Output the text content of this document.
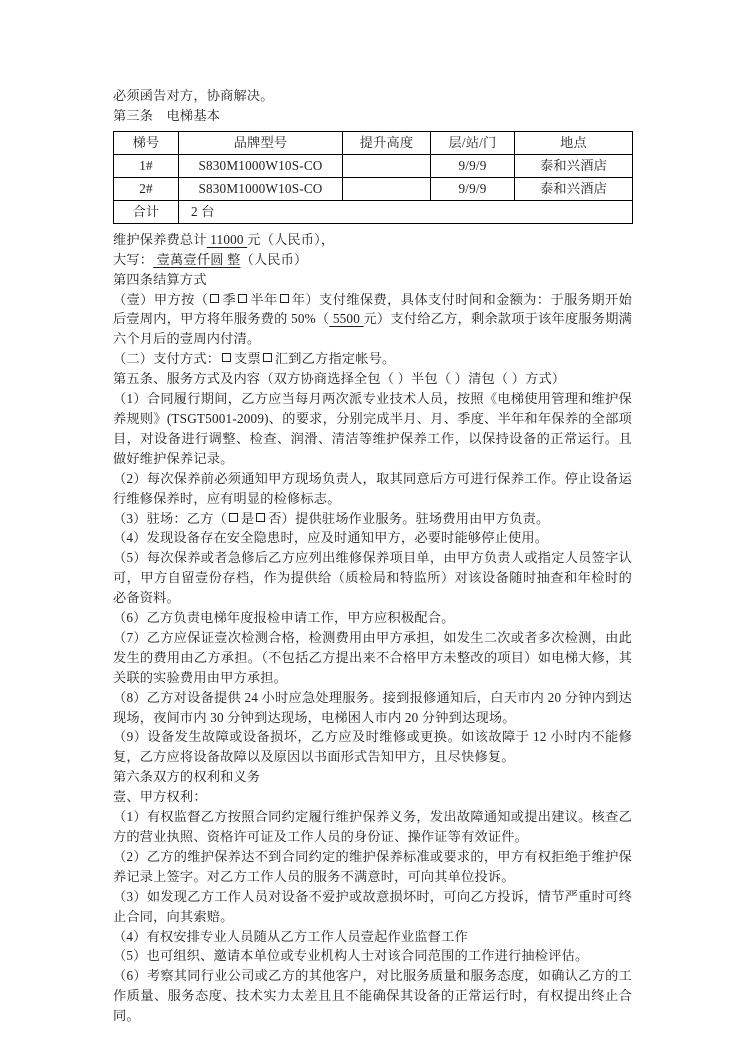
必须函告对方，协商解决。

第三条　电梯基本

梯号	品牌型号	提升高度	层/站/门	地点
1#	S830M1000W10S-CO		9/9/9	泰和兴酒店
2#	S830M1000W10S-CO		9/9/9	泰和兴酒店
合计	2 台			

维护保养费总计 11000 元（人民币），

大写： 壹萬壹仟圆 整（人民币）

第四条结算方式

（壹）甲方按（ 季 半年 年）支付维保费，具体支付时间和金额为：于服务期开始后壹周内，甲方将年服务费的 50%（ 5500 元）支付给乙方，剩余款项于该年度服务期满六个月后的壹周内付清。

（二）支付方式： 支票 汇到乙方指定帐号。

第五条、服务方式及内容（双方协商选择全包（ ）半包（ ）清包（ ）方式）

（1）合同履行期间，乙方应当每月两次派专业技术人员，按照《电梯使用管理和维护保养规则》(TSGT5001-2009)、的要求，分别完成半月、月、季度、半年和年保养的全部项目，对设备进行调整、检查、润滑、清洁等维护保养工作，以保持设备的正常运行。且做好维护保养记录。

（2）每次保养前必须通知甲方现场负责人，取其同意后方可进行保养工作。停止设备运行维修保养时，应有明显的检修标志。

（3）驻场：乙方（ 是 否）提供驻场作业服务。驻场费用由甲方负责。

（4）发现设备存在安全隐患时，应及时通知甲方，必要时能够停止使用。

（5）每次保养或者急修后乙方应列出维修保养项目单，由甲方负责人或指定人员签字认可，甲方自留壹份存档，作为提供给（质检局和特监所）对该设备随时抽查和年检时的必备资料。

（6）乙方负责电梯年度报检申请工作，甲方应积极配合。

（7）乙方应保证壹次检测合格，检测费用由甲方承担，如发生二次或者多次检测，由此发生的费用由乙方承担。（不包括乙方提出来不合格甲方未整改的项目）如电梯大修，其关联的实验费用由甲方承担。

（8）乙方对设备提供 24 小时应急处理服务。接到报修通知后，白天市内 20 分钟内到达现场，夜间市内 30 分钟到达现场，电梯困人市内 20 分钟到达现场。

（9）设备发生故障或设备损坏，乙方应及时维修或更换。如该故障于 12 小时内不能修复，乙方应将设备故障以及原因以书面形式告知甲方，且尽快修复。

第六条双方的权利和义务

壹、甲方权利：

（1）有权监督乙方按照合同约定履行维护保养义务，发出故障通知或提出建议。核查乙方的营业执照、资格许可证及工作人员的身份证、操作证等有效证件。

（2）乙方的维护保养达不到合同约定的维护保养标准或要求的，甲方有权拒绝于维护保养记录上签字。对乙方工作人员的服务不满意时，可向其单位投诉。

（3）如发现乙方工作人员对设备不爱护或故意损坏时，可向乙方投诉，情节严重时可终止合同，向其索赔。

（4）有权安排专业人员随从乙方工作人员壹起作业监督工作

（5）也可组织、邀请本单位或专业机构人士对该合同范围的工作进行抽检评估。

（6）考察其同行业公司或乙方的其他客户，对比服务质量和服务态度，如确认乙方的工作质量、服务态度、技术实力太差且且不能确保其设备的正常运行时，有权提出终止合同。
